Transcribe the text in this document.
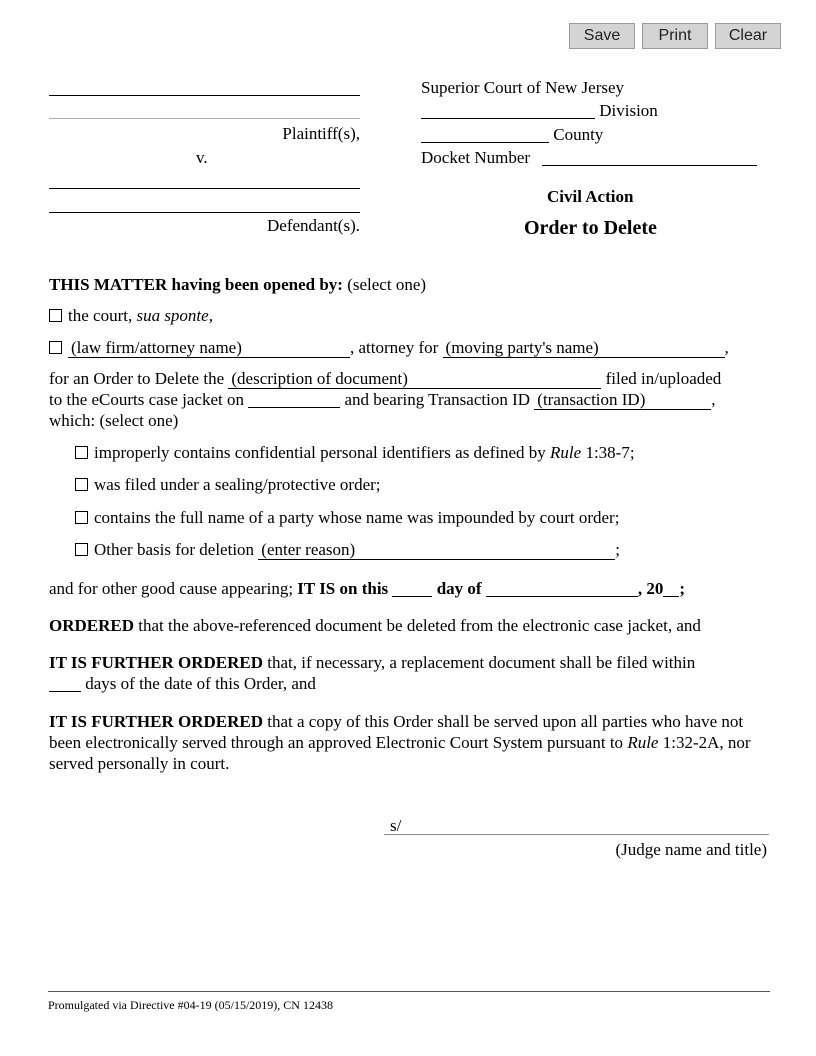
Save	Print	Clear
Plaintiff(s),
v.
Defendant(s).
Superior Court of New Jersey
Division
County
Docket Number
Civil Action
Order to Delete
THIS MATTER having been opened by: (select one)
the court, sua sponte,
(law firm/attorney name)	, attorney for (moving party's name)	,
for an Order to Delete the (description of document)	filed in/uploaded
to the eCourts case jacket on	and bearing Transaction ID (transaction ID)	,
which: (select one)
improperly contains confidential personal identifiers as defined by Rule 1:38-7;
was filed under a sealing/protective order;
contains the full name of a party whose name was impounded by court order;
Other basis for deletion (enter reason)	;
and for other good cause appearing; IT IS on this	day of	, 20 ;
ORDERED that the above-referenced document be deleted from the electronic case jacket, and
IT IS FURTHER ORDERED that, if necessary, a replacement document shall be filed within
days of the date of this Order, and
IT IS FURTHER ORDERED that a copy of this Order shall be served upon all parties who have not been electronically served through an approved Electronic Court System pursuant to Rule 1:32-2A, nor served personally in court.
s/
(Judge name and title)
Promulgated via Directive #04-19 (05/15/2019), CN 12438
